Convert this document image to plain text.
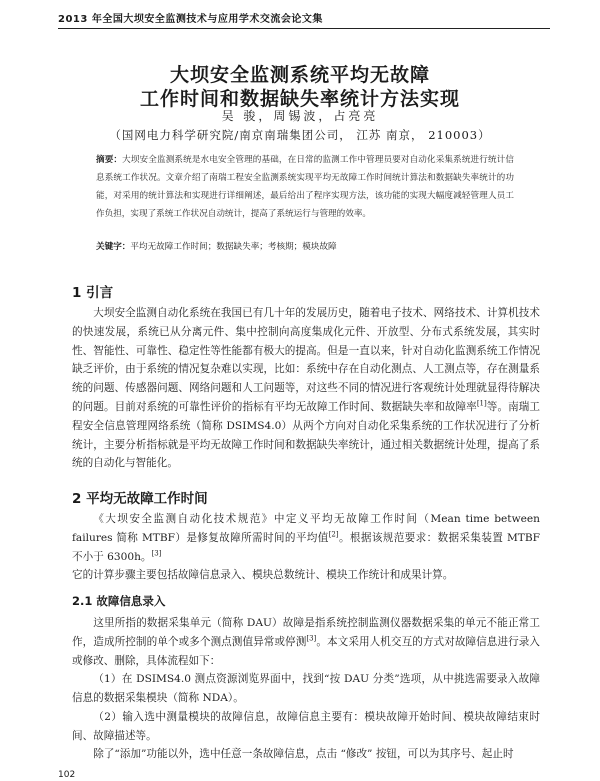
2013 年全国大坝安全监测技术与应用学术交流会论文集
大坝安全监测系统平均无故障
工作时间和数据缺失率统计方法实现
吴 骏，周锡波，占亮亮
（国网电力科学研究院/南京南瑞集团公司， 江苏 南京， 210003）
摘要：大坝安全监测系统是水电安全管理的基础，在日常的监测工作中管理员要对自动化采集系统进行统计信息系统工作状况。文章介绍了南瑞工程安全监测系统实现平均无故障工作时间统计算法和数据缺失率统计的功能，对采用的统计算法和实现进行详细阐述，最后给出了程序实现方法，该功能的实现大幅度减轻管理人员工作负担，实现了系统工作状况自动统计，提高了系统运行与管理的效率。
关键字：平均无故障工作时间；数据缺失率；考核期；模块故障
1 引言
大坝安全监测自动化系统在我国已有几十年的发展历史，随着电子技术、网络技术、计算机技术的快速发展，系统已从分离元件、集中控制向高度集成化元件、开放型、分布式系统发展，其实时性、智能性、可靠性、稳定性等性能都有极大的提高。但是一直以来，针对自动化监测系统工作情况缺乏评价，由于系统的情况复杂难以实现，比如：系统中存在自动化测点、人工测点等，存在测量系统的问题、传感器问题、网络问题和人工问题等，对这些不同的情况进行客观统计处理就显得待解决的问题。目前对系统的可靠性评价的指标有平均无故障工作时间、数据缺失率和故障率[1]等。南瑞工程安全信息管理网络系统（简称 DSIMS4.0）从两个方向对自动化采集系统的工作状况进行了分析统计，主要分析指标就是平均无故障工作时间和数据缺失率统计，通过相关数据统计处理，提高了系统的自动化与智能化。
2 平均无故障工作时间
《大坝安全监测自动化技术规范》中定义平均无故障工作时间（Mean time between failures 简称 MTBF）是修复故障所需时间的平均值[2]。根据该规范要求：数据采集装置 MTBF 不小于 6300h。[3]
它的计算步骤主要包括故障信息录入、模块总数统计、模块工作统计和成果计算。
2.1 故障信息录入
这里所指的数据采集单元（简称 DAU）故障是指系统控制监测仪器数据采集的单元不能正常工作，造成所控制的单个或多个测点测值异常或停测[3]。本文采用人机交互的方式对故障信息进行录入或修改、删除，具体流程如下：
（1）在 DSIMS4.0 测点资源浏览界面中，找到“按 DAU 分类”选项，从中挑选需要录入故障信息的数据采集模块（简称 NDA）。
（2）输入选中测量模块的故障信息，故障信息主要有：模块故障开始时间、模块故障结束时间、故障描述等。
除了“添加”功能以外，选中任意一条故障信息，点击 “修改” 按钮，可以为其序号、起止时
102
